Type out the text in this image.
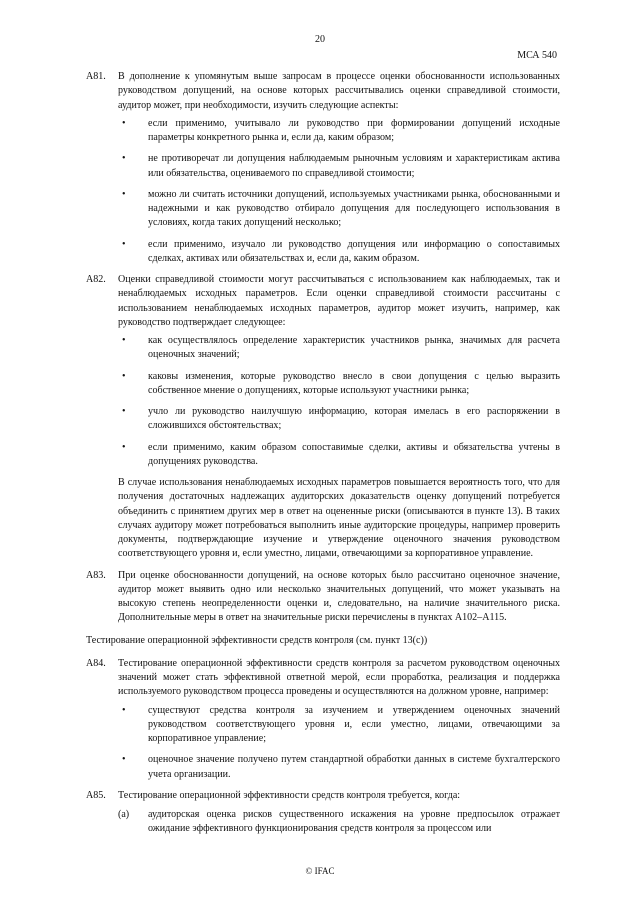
20
МСА 540
A81. В дополнение к упомянутым выше запросам в процессе оценки обоснованности использованных руководством допущений, на основе которых рассчитывались оценки справедливой стоимости, аудитор может, при необходимости, изучить следующие аспекты:
• если применимо, учитывало ли руководство при формировании допущений исходные параметры конкретного рынка и, если да, каким образом;
• не противоречат ли допущения наблюдаемым рыночным условиям и характеристикам актива или обязательства, оцениваемого по справедливой стоимости;
• можно ли считать источники допущений, используемых участниками рынка, обоснованными и надежными и как руководство отбирало допущения для последующего использования в условиях, когда таких допущений несколько;
• если применимо, изучало ли руководство допущения или информацию о сопоставимых сделках, активах или обязательствах и, если да, каким образом.
A82. Оценки справедливой стоимости могут рассчитываться с использованием как наблюдаемых, так и ненаблюдаемых исходных параметров. Если оценки справедливой стоимости рассчитаны с использованием ненаблюдаемых исходных параметров, аудитор может изучить, например, как руководство подтверждает следующее:
• как осуществлялось определение характеристик участников рынка, значимых для расчета оценочных значений;
• каковы изменения, которые руководство внесло в свои допущения с целью выразить собственное мнение о допущениях, которые используют участники рынка;
• учло ли руководство наилучшую информацию, которая имелась в его распоряжении в сложившихся обстоятельствах;
• если применимо, каким образом сопоставимые сделки, активы и обязательства учтены в допущениях руководства.
В случае использования ненаблюдаемых исходных параметров повышается вероятность того, что для получения достаточных надлежащих аудиторских доказательств оценку допущений потребуется объединить с принятием других мер в ответ на оцененные риски (описываются в пункте 13). В таких случаях аудитору может потребоваться выполнить иные аудиторские процедуры, например проверить документы, подтверждающие изучение и утверждение оценочного значения руководством соответствующего уровня и, если уместно, лицами, отвечающими за корпоративное управление.
A83. При оценке обоснованности допущений, на основе которых было рассчитано оценочное значение, аудитор может выявить одно или несколько значительных допущений, что может указывать на высокую степень неопределенности оценки и, следовательно, на наличие значительного риска. Дополнительные меры в ответ на значительные риски перечислены в пунктах A102–A115.
Тестирование операционной эффективности средств контроля (см. пункт 13(c))
A84. Тестирование операционной эффективности средств контроля за расчетом руководством оценочных значений может стать эффективной ответной мерой, если проработка, реализация и поддержка используемого руководством процесса проведены и осуществляются на должном уровне, например:
• существуют средства контроля за изучением и утверждением оценочных значений руководством соответствующего уровня и, если уместно, лицами, отвечающими за корпоративное управление;
• оценочное значение получено путем стандартной обработки данных в системе бухгалтерского учета организации.
A85. Тестирование операционной эффективности средств контроля требуется, когда:
(a) аудиторская оценка рисков существенного искажения на уровне предпосылок отражает ожидание эффективного функционирования средств контроля за процессом или
© IFAC
